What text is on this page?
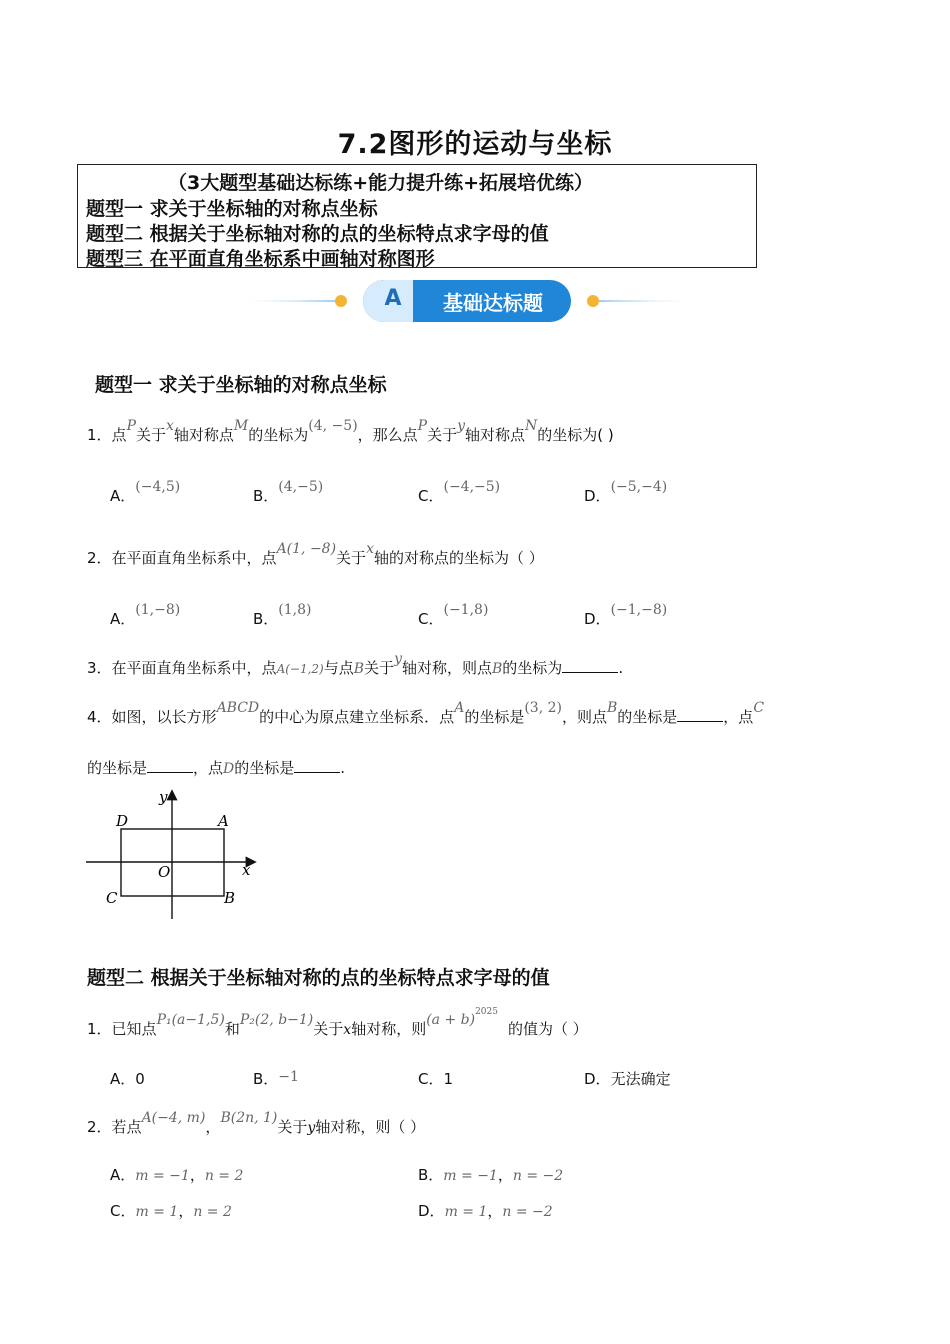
7.2图形的运动与坐标
（3大题型基础达标练+能力提升练+拓展培优练）
题型一 求关于坐标轴的对称点坐标
题型二 根据关于坐标轴对称的点的坐标特点求字母的值
题型三 在平面直角坐标系中画轴对称图形
A	基础达标题
题型一 求关于坐标轴的对称点坐标
1．点P关于x轴对称点M的坐标为(4, −5)，那么点P关于y轴对称点N的坐标为( )
A．(−4,5)	B．(4,−5)	C．(−4,−5)	D．(−5,−4)
2．在平面直角坐标系中，点A(1, −8)关于x轴的对称点的坐标为（ ）
A．(1,−8)	B．(1,8)	C．(−1,8)	D．(−1,−8)
3．在平面直角坐标系中，点A(−1,2)与点B关于y轴对称，则点B的坐标为	.
4．如图，以长方形ABCD的中心为原点建立坐标系．点A的坐标是(3, 2)，则点B的坐标是	，点C
的坐标是	，点D的坐标是	.
y
x
A
D
C	B
O
题型二 根据关于坐标轴对称的点的坐标特点求字母的值
1．已知点P₁(a−1,5)和P₂(2, b−1)关于x轴对称，则$(a + b)^{2025}$的值为（ ）
A．0	B．−1	C．1	D．无法确定
2．若点A(−4, m)，B(2n, 1)关于y轴对称，则（ ）
A．m = −1，n = 2	B．m = −1，n = −2
C．m = 1，n = 2	D．m = 1，n = −2
